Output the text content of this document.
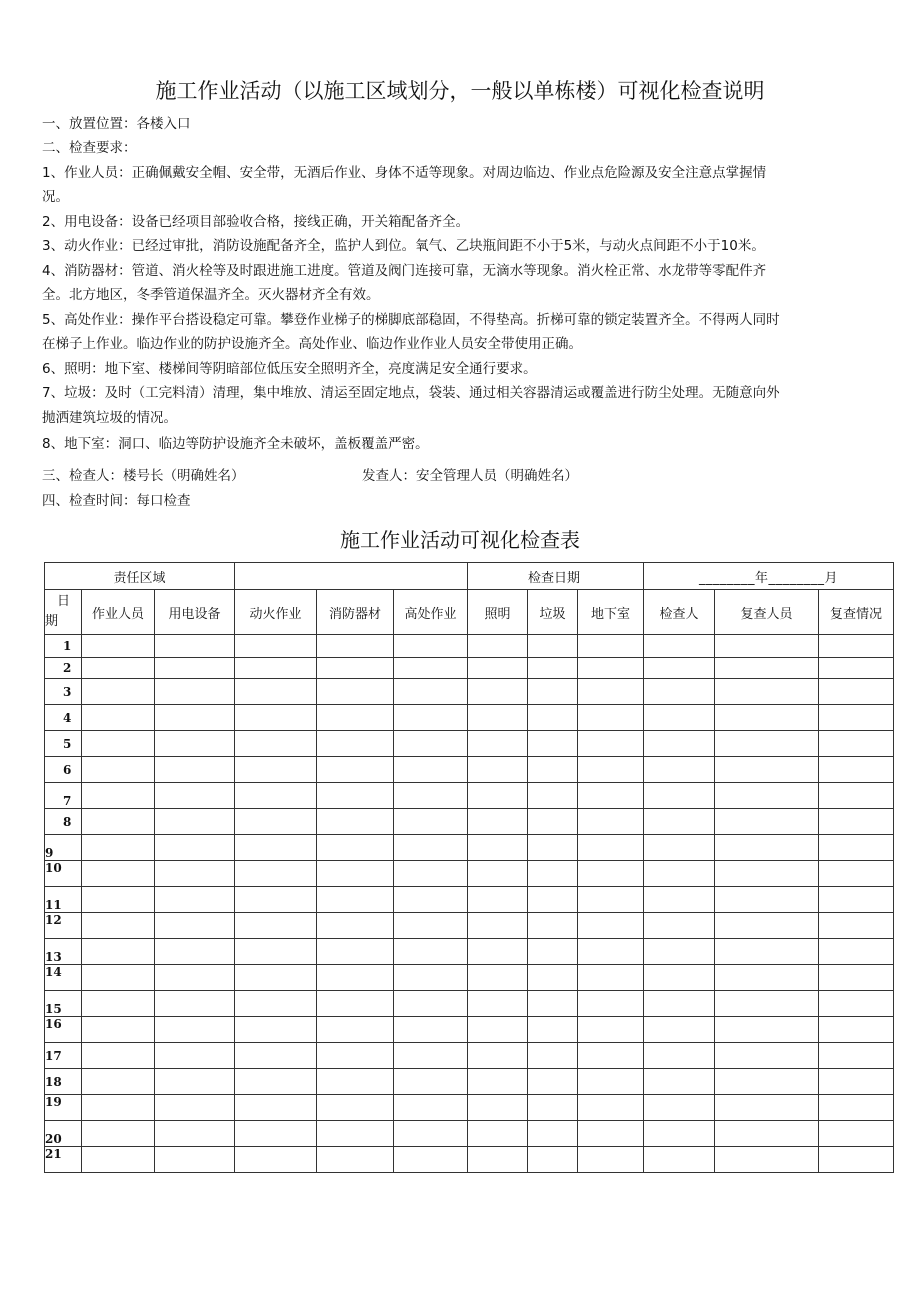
施工作业活动（以施工区域划分，一般以单栋楼）可视化检查说明
一、放置位置：各楼入口
二、检查要求：
1、作业人员：正确佩戴安全帽、安全带，无酒后作业、身体不适等现象。对周边临边、作业点危险源及安全注意点掌握情
况。
2、用电设备：设备已经项目部验收合格，接线正确，开关箱配备齐全。
3、动火作业：已经过审批，消防设施配备齐全，监护人到位。氧气、乙块瓶间距不小于5米，与动火点间距不小于10米。
4、消防器材：管道、消火栓等及时跟进施工进度。管道及阀门连接可靠，无滴水等现象。消火栓正常、水龙带等零配件齐
全。北方地区，冬季管道保温齐全。灭火器材齐全有效。
5、高处作业：操作平台搭设稳定可靠。攀登作业梯子的梯脚底部稳固，不得垫高。折梯可靠的锁定装置齐全。不得两人同时
在梯子上作业。临边作业的防护设施齐全。高处作业、临边作业作业人员安全带使用正确。
6、照明：地下室、楼梯间等阴暗部位低压安全照明齐全，亮度满足安全通行要求。
7、垃圾：及时（工完料清）清理，集中堆放、清运至固定地点，袋装、通过相关容器清运或覆盖进行防尘处理。无随意向外
抛洒建筑垃圾的情况。
8、地下室：洞口、临边等防护设施齐全未破坏，盖板覆盖严密。
三、检查人：楼号长（明确姓名）	发查人：安全管理人员（明确姓名）
四、检查时间：每口检查
施工作业活动可视化检查表
责任区域						检查日期			________年________月		

日
期	作业人员	用电设备	动火作业	消防器材	高处作业	照明	垃圾	地下室	检查人	复查人员	复查情况
1											
2											
3											
4											
5											
6											
7											
8											
9											
10											
11											
12											
13											
14											
15											
16											
17											
18											
19											
20											
21											
